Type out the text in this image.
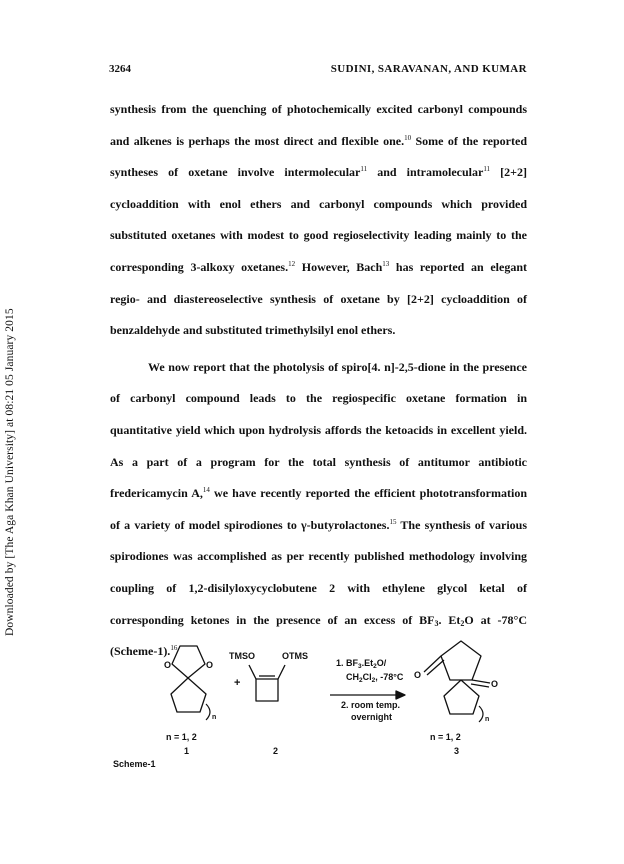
Downloaded by [The Aga Khan University] at 08:21 05 January 2015
3264	SUDINI, SARAVANAN, AND KUMAR

synthesis from the quenching of photochemically excited carbonyl compounds and alkenes is perhaps the most direct and flexible one.$^{10}$ Some of the reported syntheses of oxetane involve intermolecular$^{11}$ and intramolecular$^{11}$ [2+2] cycloaddition with enol ethers and carbonyl compounds which provided substituted oxetanes with modest to good regioselectivity leading mainly to the corresponding 3-alkoxy oxetanes.$^{12}$ However, Bach$^{13}$ has reported an elegant regio- and diastereoselective synthesis of oxetane by [2+2] cycloaddition of benzaldehyde and substituted trimethylsilyl enol ethers.

We now report that the photolysis of spiro[4. n]-2,5-dione in the presence of carbonyl compound leads to the regiospecific oxetane formation in quantitative yield which upon hydrolysis affords the ketoacids in excellent yield. As a part of a program for the total synthesis of antitumor antibiotic fredericamycin A,$^{14}$ we have recently reported the efficient phototransformation of a variety of model spirodiones to γ-butyrolactones.$^{15}$ The synthesis of various spirodiones was accomplished as per recently published methodology involving coupling of 1,2-disilyloxycyclobutene 2 with ethylene glycol ketal of corresponding ketones in the presence of an excess of $BF_3$. $Et_2O$ at -78°C (Scheme-1).$^{16}$

O	O
n
+
TMSO	OTMS
1. $BF_3.Et_2O/$
$CH_2Cl_2$, -78°C
2. room temp.
overnight
O
O
n
n = 1, 2	n = 1, 2
1	2	3
Scheme-1
